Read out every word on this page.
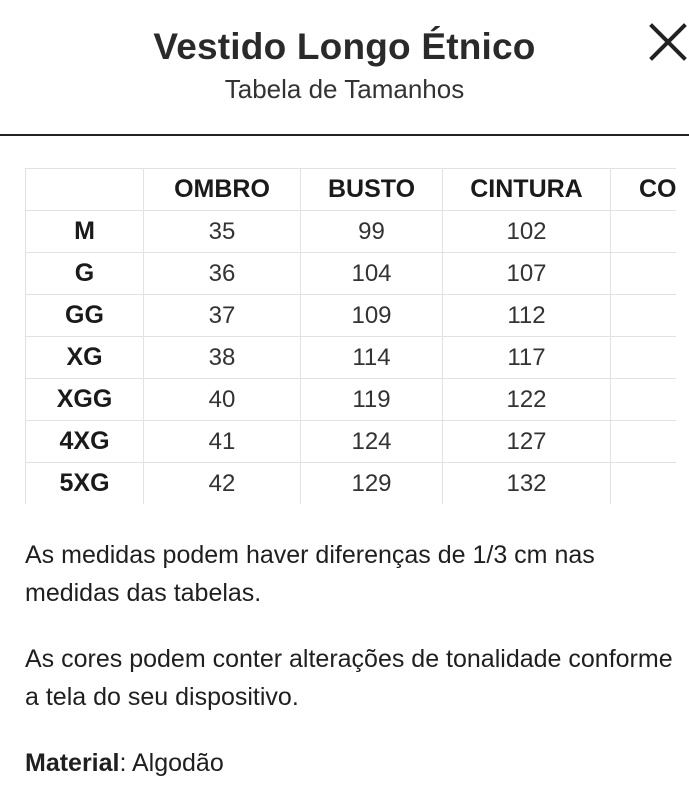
Vestido Longo Étnico
Tabela de Tamanhos
	OMBRO	BUSTO	CINTURA	CO
M	35	99	102	
G	36	104	107	
GG	37	109	112	
XG	38	114	117	
XGG	40	119	122	
4XG	41	124	127	
5XG	42	129	132	

As medidas podem haver diferenças de 1/3 cm nas medidas das tabelas.

As cores podem conter alterações de tonalidade conforme a tela do seu dispositivo.

Material: Algodão
